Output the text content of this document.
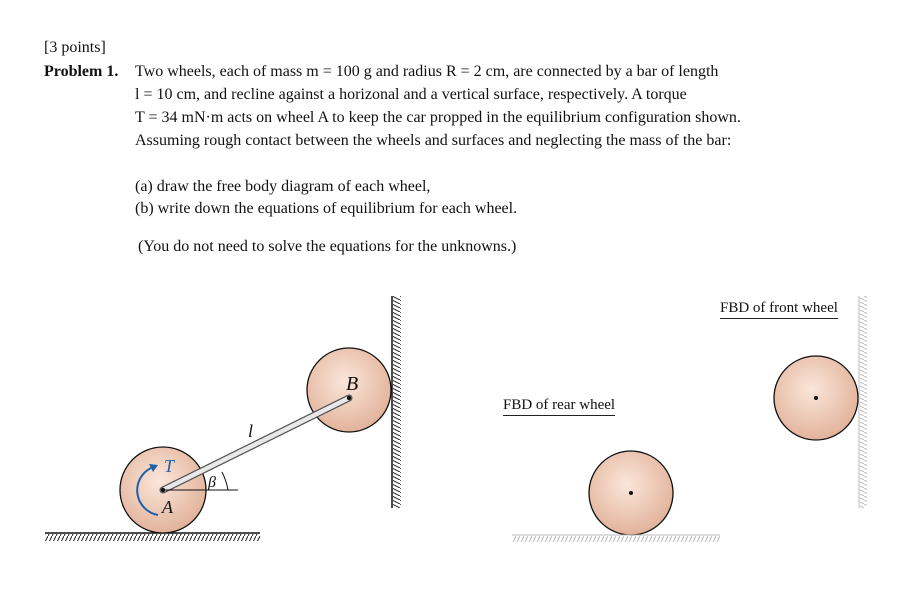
[3 points]
Problem 1. Two wheels, each of mass m = 100 g and radius R = 2 cm, are connected by a bar of length
l = 10 cm, and recline against a horizonal and a vertical surface, respectively. A torque
T = 34 mN·m acts on wheel A to keep the car propped in the equilibrium configuration shown.
Assuming rough contact between the wheels and surfaces and neglecting the mass of the bar:
(a) draw the free body diagram of each wheel,
(b) write down the equations of equilibrium for each wheel.
(You do not need to solve the equations for the unknowns.)
B
A
T
l
β
FBD of rear wheel
FBD of front wheel
